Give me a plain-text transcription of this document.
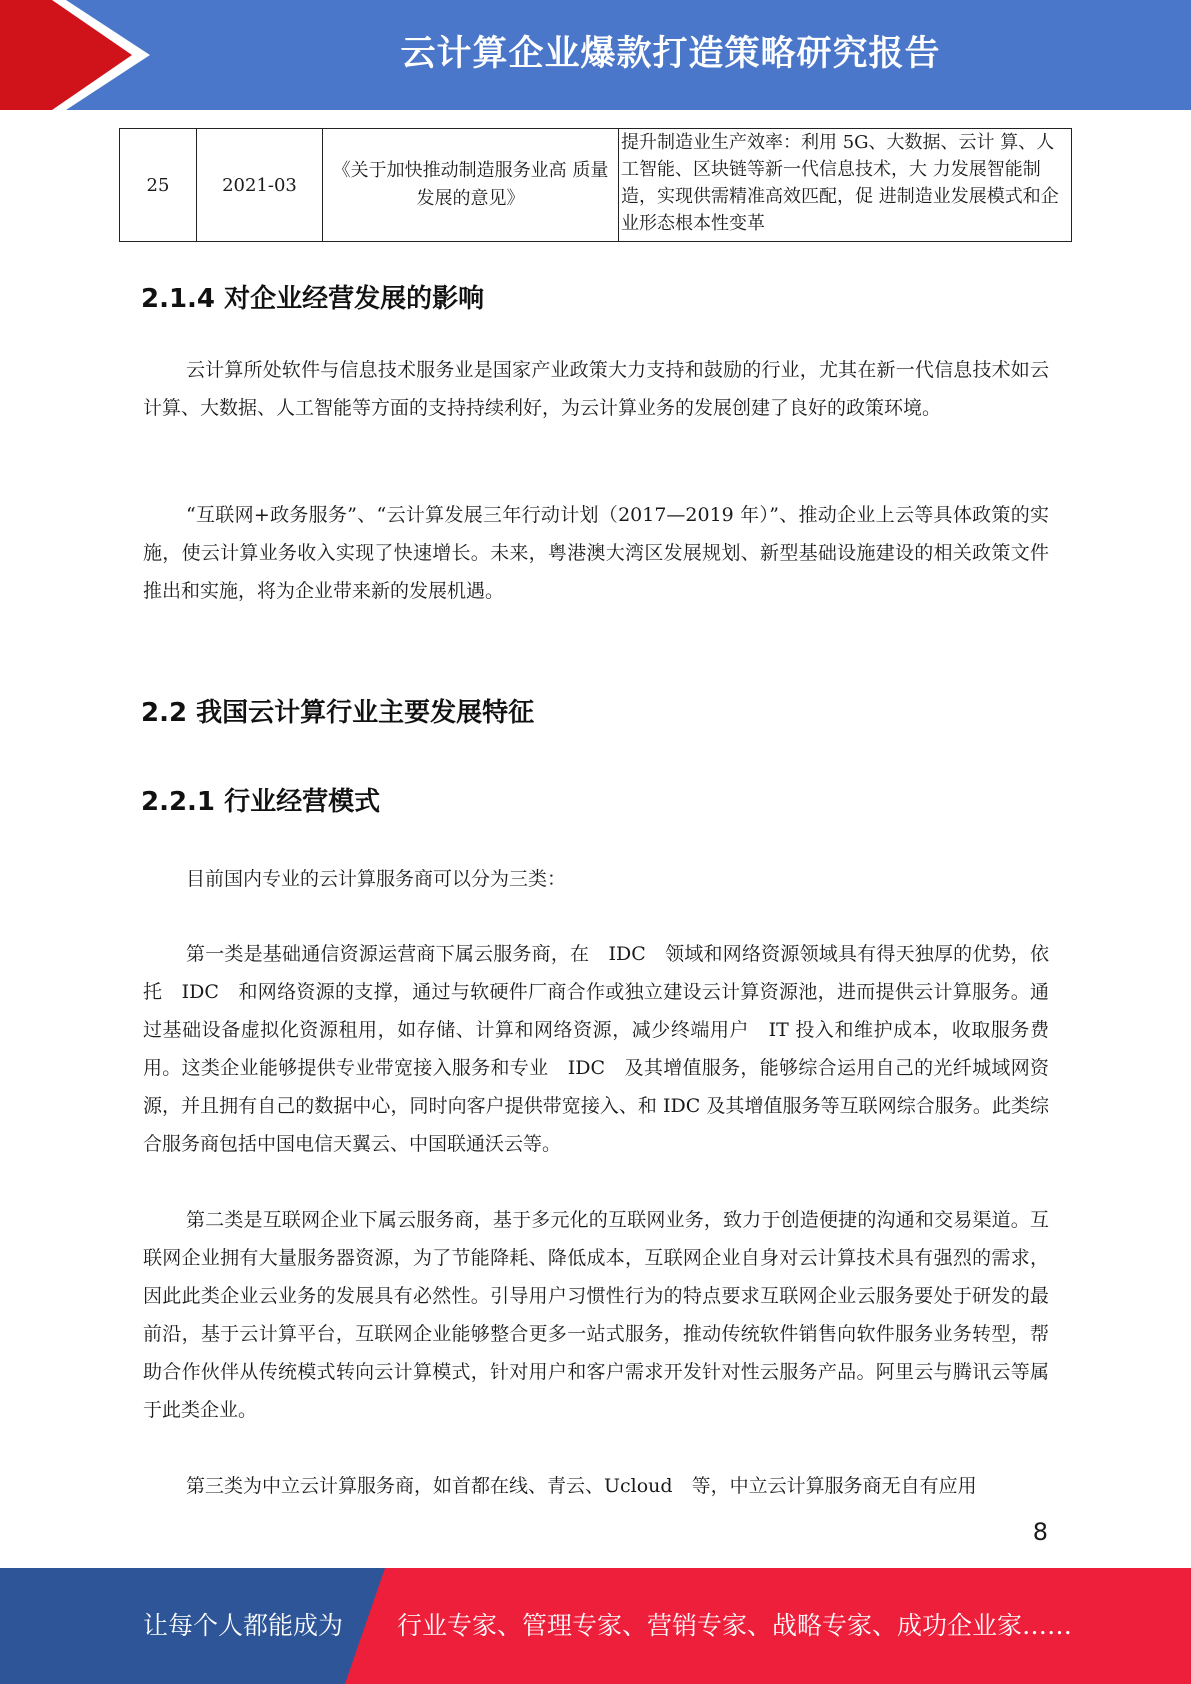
云计算企业爆款打造策略研究报告
25	2021-03	《关于加快推动制造服务业高 质量发展的意见》	提升制造业生产效率：利用 5G、大数据、云计 算、人工智能、区块链等新一代信息技术，大 力发展智能制造，实现供需精准高效匹配，促 进制造业发展模式和企业形态根本性变革
2.1.4 对企业经营发展的影响

云计算所处软件与信息技术服务业是国家产业政策大力支持和鼓励的行业，尤其在新一代信息技术如云计算、大数据、人工智能等方面的支持持续利好，为云计算业务的发展创建了良好的政策环境。

“互联网+政务服务”、“云计算发展三年行动计划（2017—2019 年）”、推动企业上云等具体政策的实施，使云计算业务收入实现了快速增长。未来，粤港澳大湾区发展规划、新型基础设施建设的相关政策文件推出和实施，将为企业带来新的发展机遇。

2.2 我国云计算行业主要发展特征
2.2.1 行业经营模式

目前国内专业的云计算服务商可以分为三类：

第一类是基础通信资源运营商下属云服务商，在　IDC　领域和网络资源领域具有得天独厚的优势，依托　IDC　和网络资源的支撑，通过与软硬件厂商合作或独立建设云计算资源池，进而提供云计算服务。通过基础设备虚拟化资源租用，如存储、计算和网络资源，减少终端用户　IT 投入和维护成本，收取服务费用。这类企业能够提供专业带宽接入服务和专业　IDC　及其增值服务，能够综合运用自己的光纤城域网资源，并且拥有自己的数据中心，同时向客户提供带宽接入、和 IDC 及其增值服务等互联网综合服务。此类综合服务商包括中国电信天翼云、中国联通沃云等。

第二类是互联网企业下属云服务商，基于多元化的互联网业务，致力于创造便捷的沟通和交易渠道。互联网企业拥有大量服务器资源，为了节能降耗、降低成本，互联网企业自身对云计算技术具有强烈的需求，因此此类企业云业务的发展具有必然性。引导用户习惯性行为的特点要求互联网企业云服务要处于研发的最前沿，基于云计算平台，互联网企业能够整合更多一站式服务，推动传统软件销售向软件服务业务转型，帮助合作伙伴从传统模式转向云计算模式，针对用户和客户需求开发针对性云服务产品。阿里云与腾讯云等属于此类企业。

第三类为中立云计算服务商，如首都在线、青云、Ucloud　等，中立云计算服务商无自有应用

8
让每个人都能成为 行业专家、管理专家、营销专家、战略专家、成功企业家……
